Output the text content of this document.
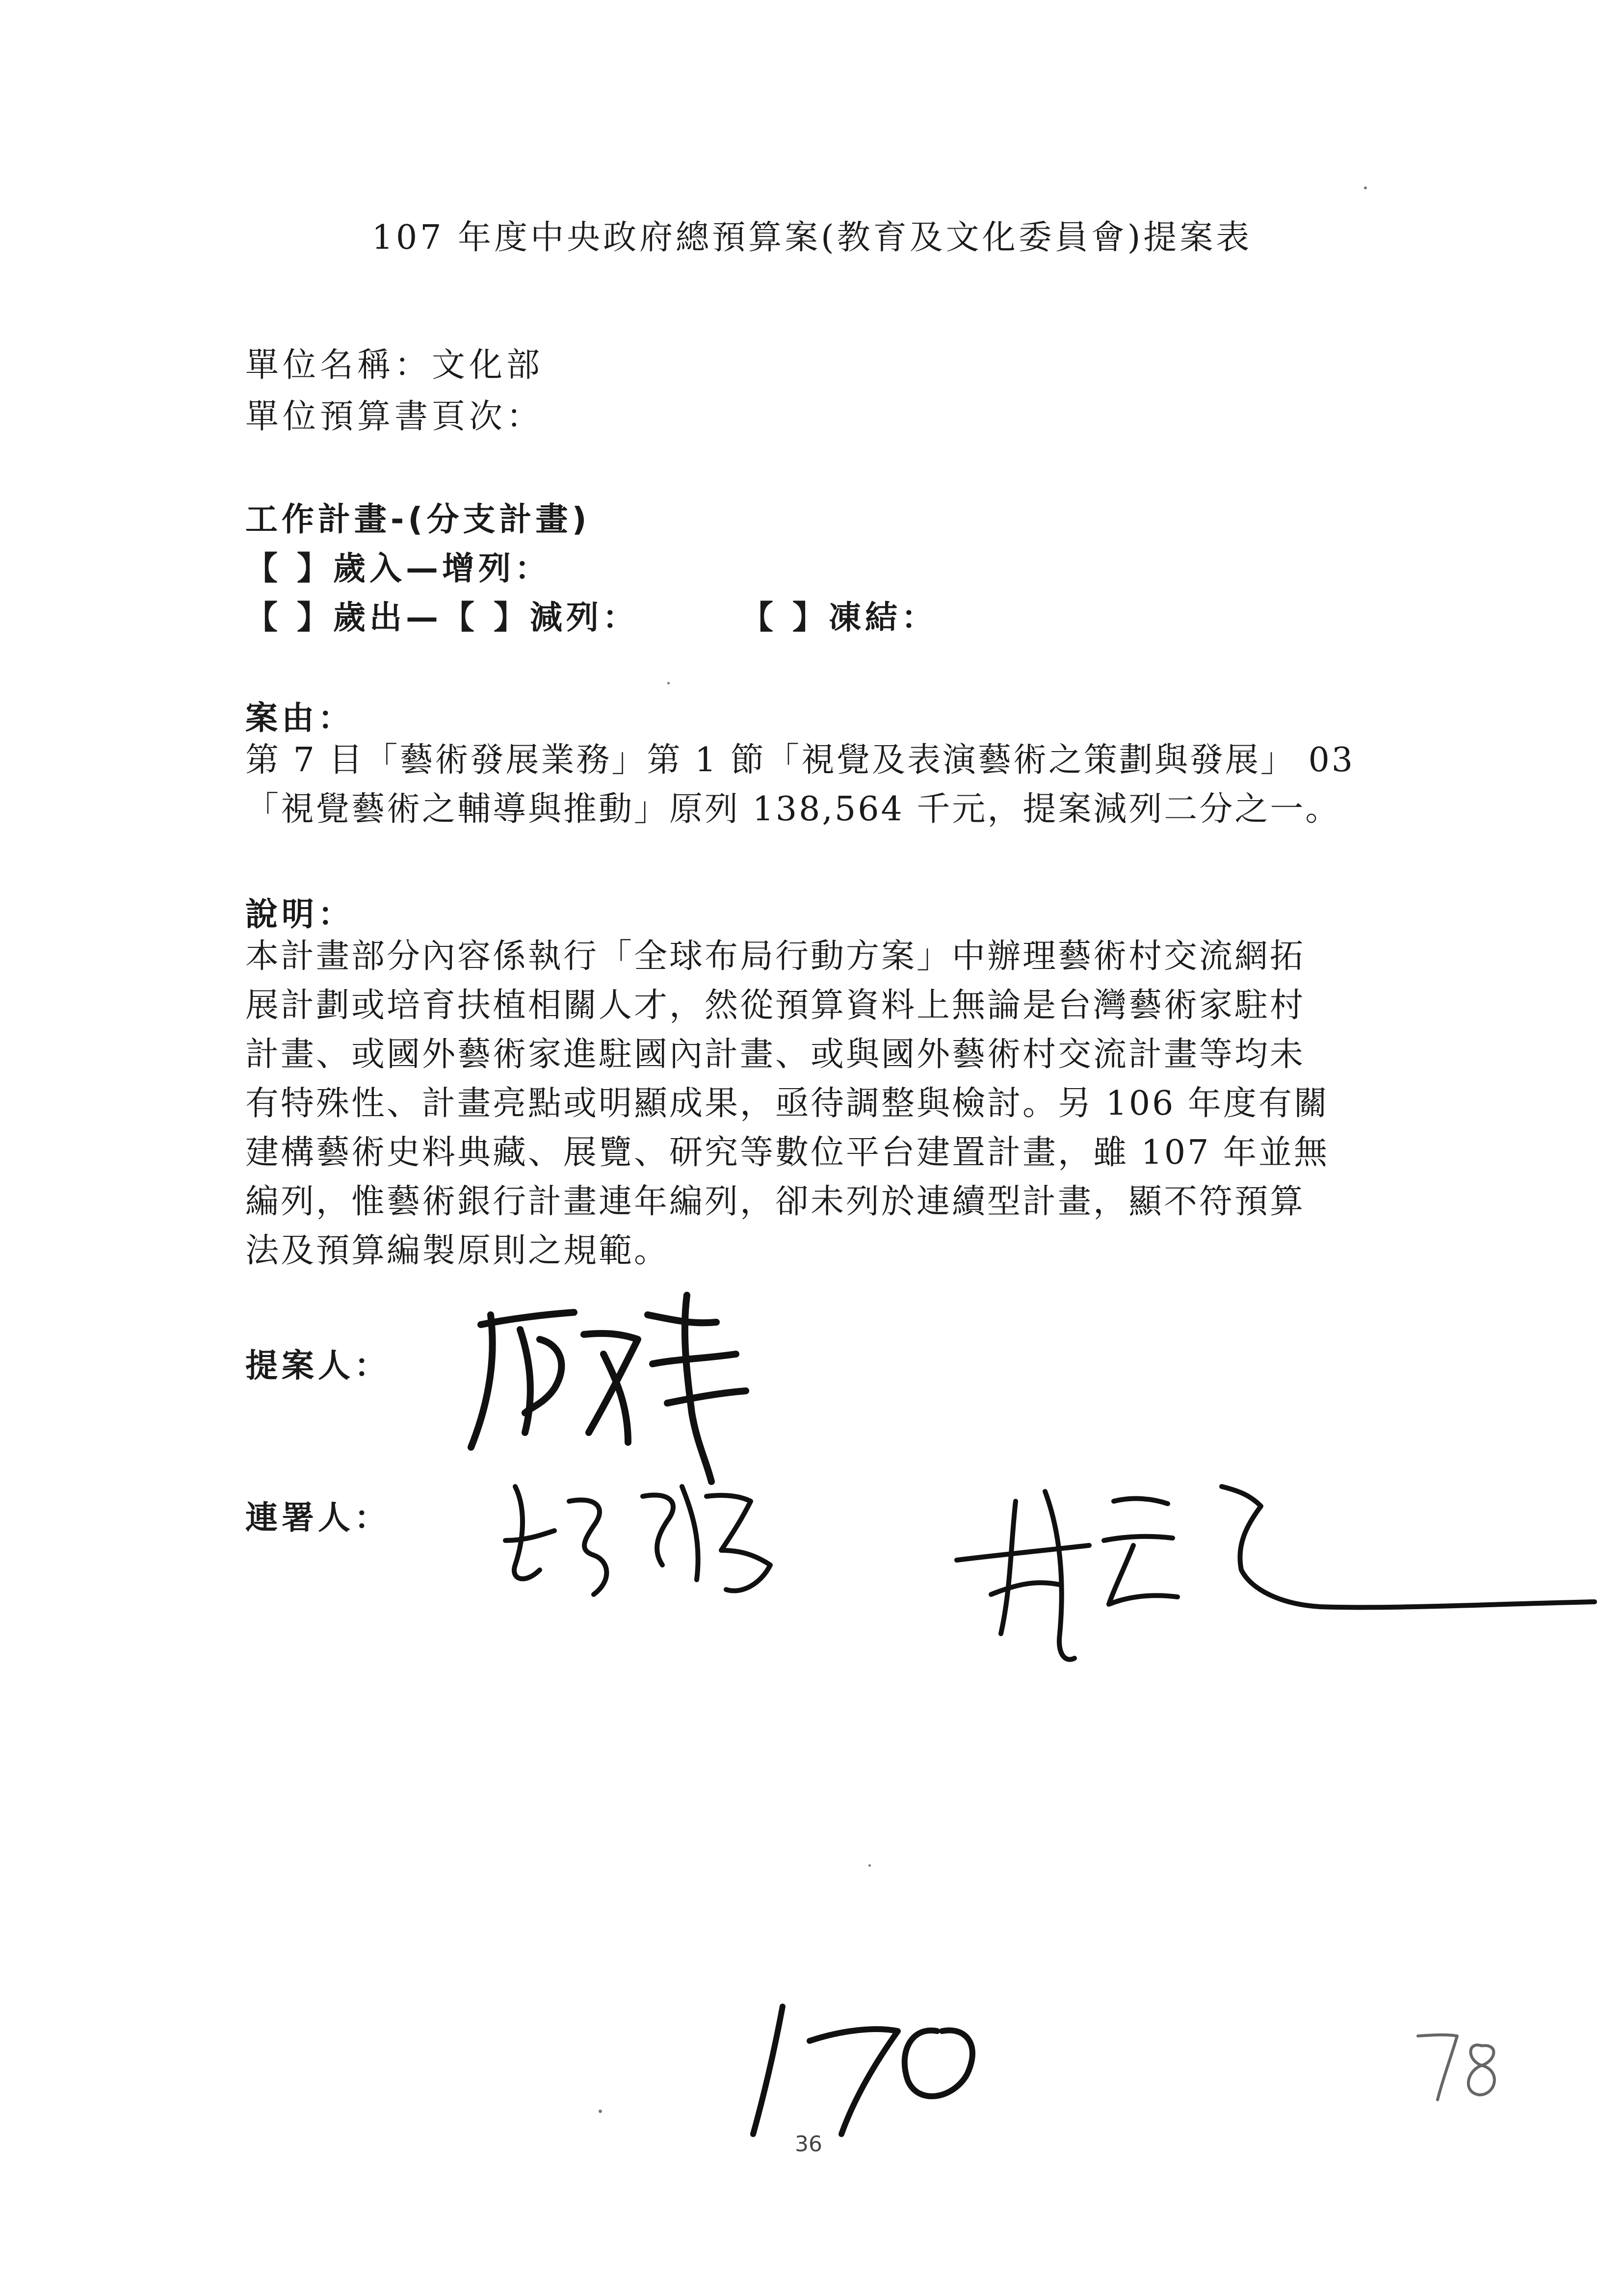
107 年度中央政府總預算案(教育及文化委員會)提案表
單位名稱：文化部
單位預算書頁次：
工作計畫-(分支計畫)
【 】歲入—增列：
【 】歲出—【 】減列：	【 】凍結：
案由：
第 7 目「藝術發展業務」第 1 節「視覺及表演藝術之策劃與發展」 03
「視覺藝術之輔導與推動」原列 138,564 千元，提案減列二分之一。
說明：
本計畫部分內容係執行「全球布局行動方案」中辦理藝術村交流網拓
展計劃或培育扶植相關人才，然從預算資料上無論是台灣藝術家駐村
計畫、或國外藝術家進駐國內計畫、或與國外藝術村交流計畫等均未
有特殊性、計畫亮點或明顯成果，亟待調整與檢討。另 106 年度有關
建構藝術史料典藏、展覽、研究等數位平台建置計畫，雖 107 年並無
編列，惟藝術銀行計畫連年編列，卻未列於連續型計畫，顯不符預算
法及預算編製原則之規範。
提案人：
連署人：
36
